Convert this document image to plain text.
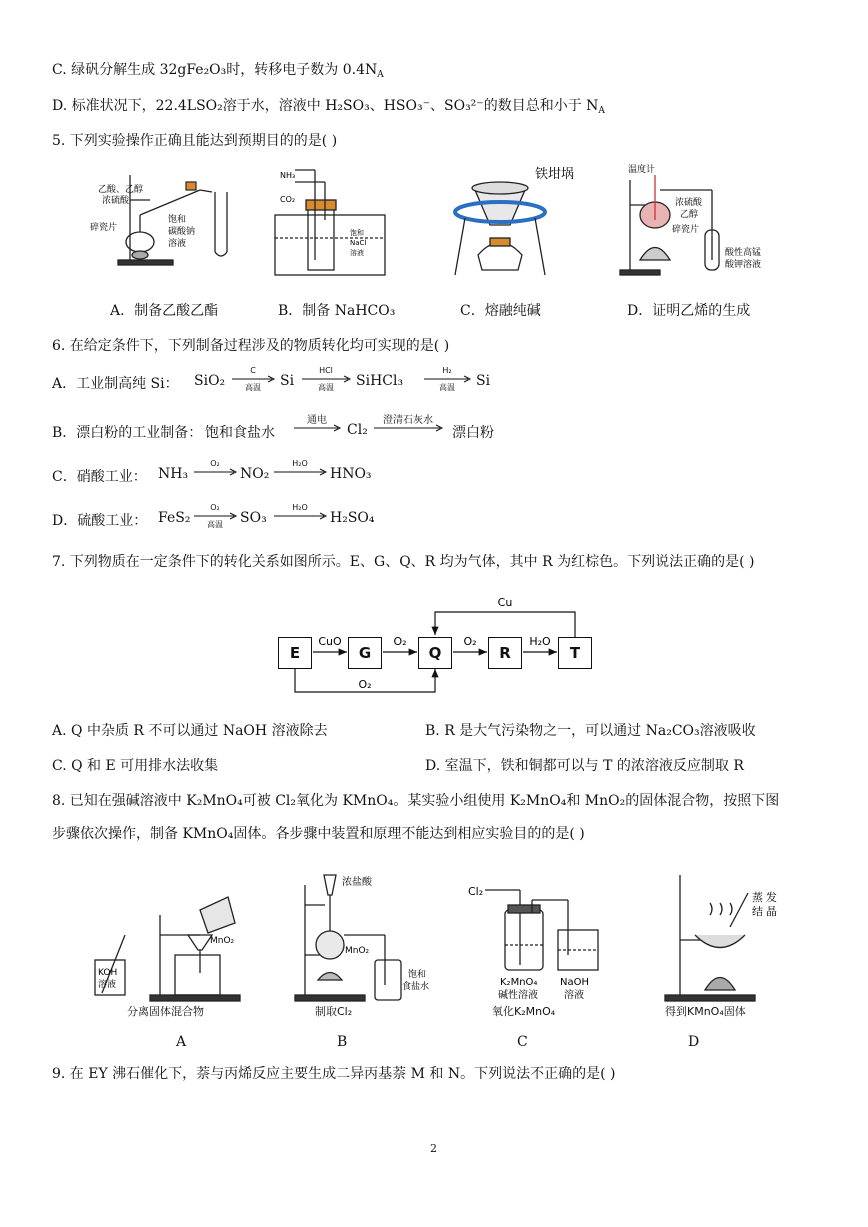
C. 绿矾分解生成 32gFe₂O₃时，转移电子数为 $0.4N_A$
D. 标准状况下，22.4LSO₂溶于水，溶液中 H₂SO₃、HSO₃⁻、SO₃²⁻的数目总和小于 $N_A$
5. 下列实验操作正确且能达到预期目的的是( )
乙酸、乙醇
浓硫酸
碎瓷片
饱和
碳酸钠
溶液
NH₃
CO₂
饱和
NaCl
溶液
铁坩埚	温度计
浓硫酸
乙醇
碎瓷片
酸性高锰
酸钾溶液
A．制备乙酸乙酯	B．制备 NaHCO₃	C．熔融纯碱	D．证明乙烯的生成
6. 在给定条件下，下列制备过程涉及的物质转化均可实现的是( )
A．工业制高纯 Si： SiO₂
C
高温	Si
HCl
高温	SiHCl₃
H₂
高温	Si
B．漂白粉的工业制备： 饱和食盐水
通电
Cl₂
澄清石灰水
漂白粉
C．硝酸工业： NH₃
O₂
NO₂
H₂O
HNO₃
D．硫酸工业： FeS₂
O₂
高温	SO₃
H₂O
H₂SO₄
7. 下列物质在一定条件下的转化关系如图所示。E、G、Q、R 均为气体，其中 R 为红棕色。下列说法正确的是( )
CuO	O₂	O₂	H₂O
Cu
O₂
E	G	Q	R	T
A. Q 中杂质 R 不可以通过 NaOH 溶液除去	B. R 是大气污染物之一，可以通过 Na₂CO₃溶液吸收
C. Q 和 E 可用排水法收集	D. 室温下，铁和铜都可以与 T 的浓溶液反应制取 R
8. 已知在强碱溶液中 K₂MnO₄可被 Cl₂氧化为 KMnO₄。某实验小组使用 K₂MnO₄和 MnO₂的固体混合物，按照下图
步骤依次操作，制备 KMnO₄固体。各步骤中装置和原理不能达到相应实验目的的是( )
MnO₂
KOH
溶液
浓盐酸
MnO₂
饱和
食盐水
Cl₂
K₂MnO₄
碱性溶液
NaOH
溶液
蒸 发
结 晶
分离固体混合物	制取Cl₂	氧化K₂MnO₄	得到KMnO₄固体
A	B	C	D
9. 在 EY 沸石催化下，萘与丙烯反应主要生成二异丙基萘 M 和 N。下列说法不正确的是( )
2
